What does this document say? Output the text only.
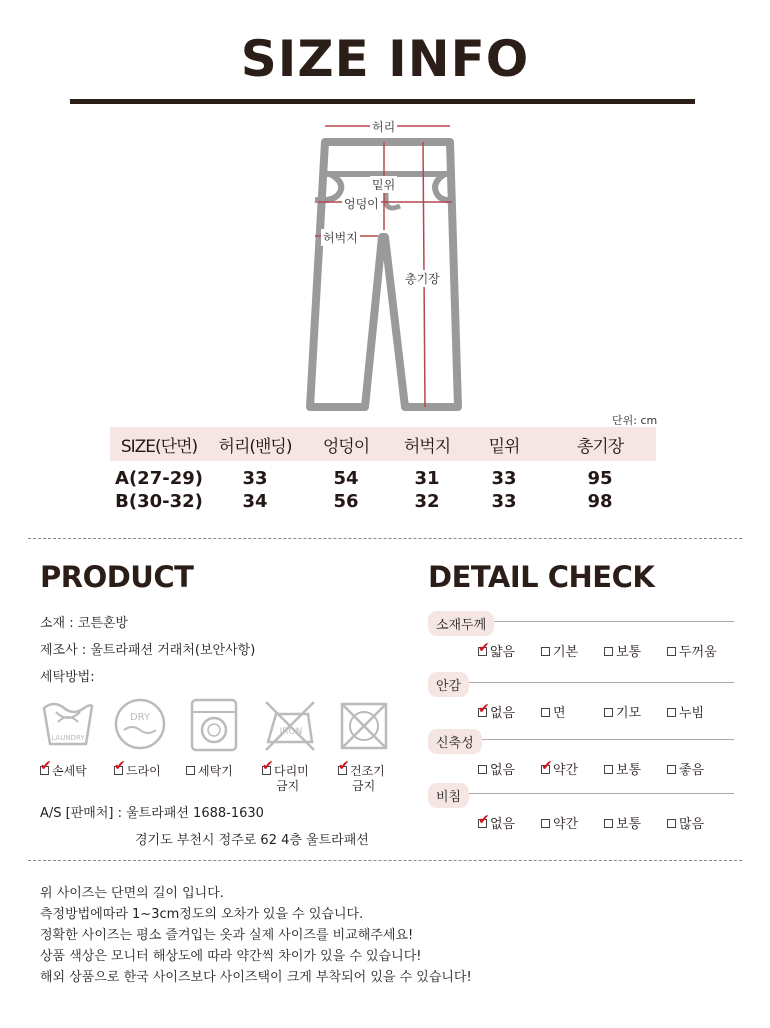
SIZE INFO
허리
밑위
엉덩이
허벅지
총기장
단위: cm
SIZE(단면)	허리(밴딩)	엉덩이	허벅지	밑위	총기장
A(27-29)	33	54	31	33	95
B(30-32)	34	56	32	33	98
PRODUCT
소재 : 코튼혼방
제조사 : 울트라패션 거래처(보안사항)
세탁방법:
LAUNDRY
DRY
IRON
✔ 손세탁 ✔ 드라이	세탁기 ✔ 다리미
금지
✔ 건조기
금지
A/S [판매처] : 울트라패션 1688-1630
경기도 부천시 정주로 62 4층 울트라패션
DETAIL CHECK
소재두께
✔ 얇음	기본	보통	두꺼움
안감
✔ 없음	면	기모	누빔
신축성
없음 ✔ 약간	보통	좋음
비침
✔ 없음	약간	보통	많음
위 사이즈는 단면의 길이 입니다.
측정방법에따라 1~3cm정도의 오차가 있을 수 있습니다.
정확한 사이즈는 평소 즐겨입는 옷과 실제 사이즈를 비교해주세요!
상품 색상은 모니터 해상도에 따라 약간씩 차이가 있을 수 있습니다!
해외 상품으로 한국 사이즈보다 사이즈택이 크게 부착되어 있을 수 있습니다!
